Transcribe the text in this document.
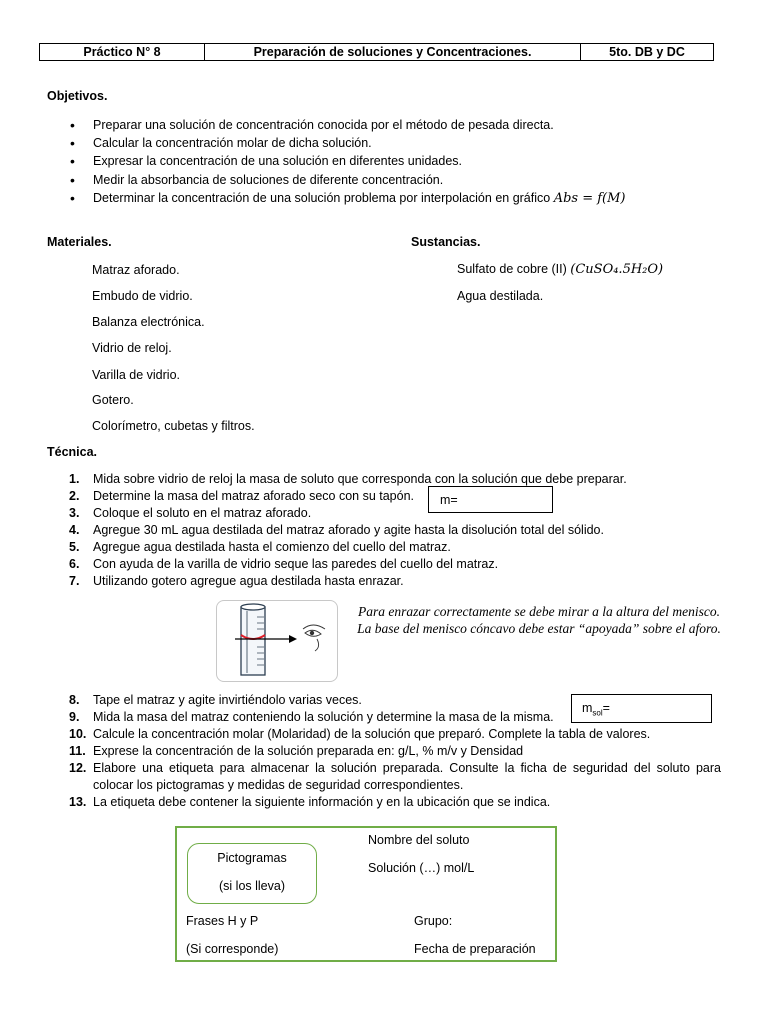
Práctico N° 8	Preparación de soluciones y Concentraciones.	5to. DB y DC
Objetivos.
• Preparar una solución de concentración conocida por el método de pesada directa.
• Calcular la concentración molar de dicha solución.
• Expresar la concentración de una solución en diferentes unidades.
• Medir la absorbancia de soluciones de diferente concentración.
• Determinar la concentración de una solución problema por interpolación en gráfico Abs = f(M)
Materiales.
Matraz aforado.
Embudo de vidrio.
Balanza electrónica.
Vidrio de reloj.
Varilla de vidrio.
Gotero.
Colorímetro, cubetas y filtros.
Sustancias.
Sulfato de cobre (II) (CuSO₄.5H₂O)
Agua destilada.
Técnica.
1. Mida sobre vidrio de reloj la masa de soluto que corresponda con la solución que debe preparar.
2. Determine la masa del matraz aforado seco con su tapón.
3. Coloque el soluto en el matraz aforado.
4. Agregue 30 mL agua destilada del matraz aforado y agite hasta la disolución total del sólido.
5. Agregue agua destilada hasta el comienzo del cuello del matraz.
6. Con ayuda de la varilla de vidrio seque las paredes del cuello del matraz.
7. Utilizando gotero agregue agua destilada hasta enrazar.
m=
Para enrazar correctamente se debe mirar a la altura del menisco. La base del menisco cóncavo debe estar “apoyada” sobre el aforo.
8. Tape el matraz y agite invirtiéndolo varias veces.
9. Mida la masa del matraz conteniendo la solución y determine la masa de la misma.
10. Calcule la concentración molar (Molaridad) de la solución que preparó. Complete la tabla de valores.
11. Exprese la concentración de la solución preparada en: g/L, % m/v y Densidad
12. Elabore una etiqueta para almacenar la solución preparada. Consulte la ficha de seguridad del soluto para colocar los pictogramas y medidas de seguridad correspondientes.
13. La etiqueta debe contener la siguiente información y en la ubicación que se indica.
$m_{sol}=$
Pictogramas
(si los lleva)
Nombre del soluto
Solución (…) mol/L
Frases H y P
(Si corresponde)
Grupo:
Fecha de preparación
